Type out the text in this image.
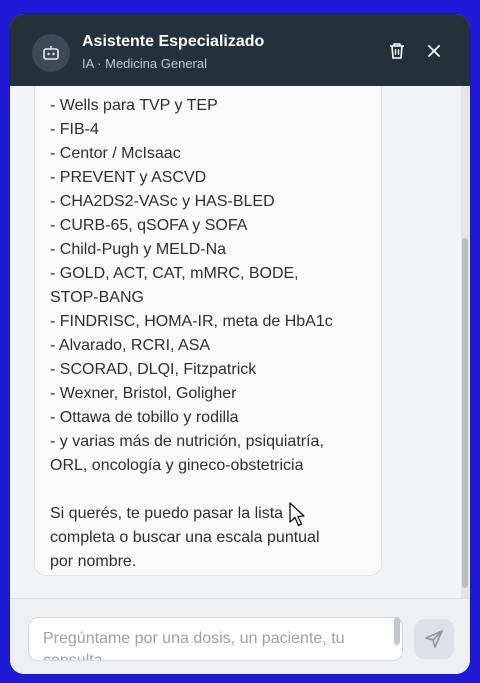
Asistente Especializado
IA · Medicina General
- Wells para TVP y TEP
- FIB-4
- Centor / McIsaac
- PREVENT y ASCVD
- CHA2DS2-VASc y HAS-BLED
- CURB-65, qSOFA y SOFA
- Child-Pugh y MELD-Na
- GOLD, ACT, CAT, mMRC, BODE,
STOP-BANG
- FINDRISC, HOMA-IR, meta de HbA1c
- Alvarado, RCRI, ASA
- SCORAD, DLQI, Fitzpatrick
- Wexner, Bristol, Goligher
- Ottawa de tobillo y rodilla
- y varias más de nutrición, psiquiatría,
ORL, oncología y gineco-obstetricia
Si querés, te puedo pasar la lista
completa o buscar una escala puntual
por nombre.
Pregúntame por una dosis, un paciente, tu consulta...
